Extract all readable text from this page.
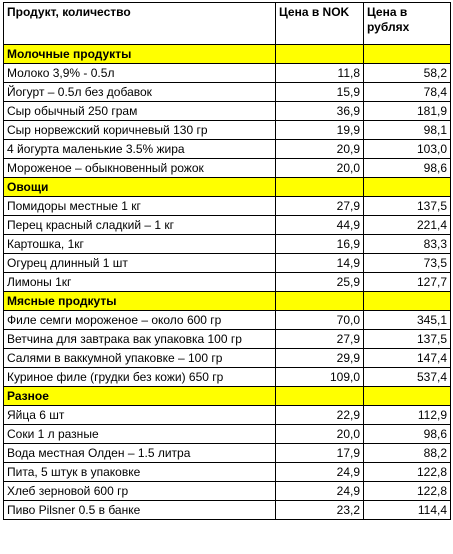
Продукт, количество	Цена в NOK	Цена в рублях
Молочные продукты		
Молоко 3,9% - 0.5л	11,8	58,2
Йогурт – 0.5л без добавок	15,9	78,4
Сыр обычный 250 грам	36,9	181,9
Сыр норвежский коричневый 130 гр	19,9	98,1
4 йогурта маленькие 3.5% жира	20,9	103,0
Мороженое – обыкновенный рожок	20,0	98,6
Овощи		
Помидоры местные 1 кг	27,9	137,5
Перец красный сладкий – 1 кг	44,9	221,4
Картошка, 1кг	16,9	83,3
Огурец длинный 1 шт	14,9	73,5
Лимоны 1кг	25,9	127,7
Мясные продкуты		
Филе семги мороженое – около 600 гр	70,0	345,1
Ветчина для завтрака вак упаковка 100 гр	27,9	137,5
Салями в ваккумной упаковке – 100 гр	29,9	147,4
Куриное филе (грудки без кожи) 650 гр	109,0	537,4
Разное		
Яйца 6 шт	22,9	112,9
Соки 1 л разные	20,0	98,6
Вода местная Олден – 1.5 литра	17,9	88,2
Пита, 5 штук в упаковке	24,9	122,8
Хлеб зерновой 600 гр	24,9	122,8
Пиво Pilsner 0.5 в банке	23,2	114,4
